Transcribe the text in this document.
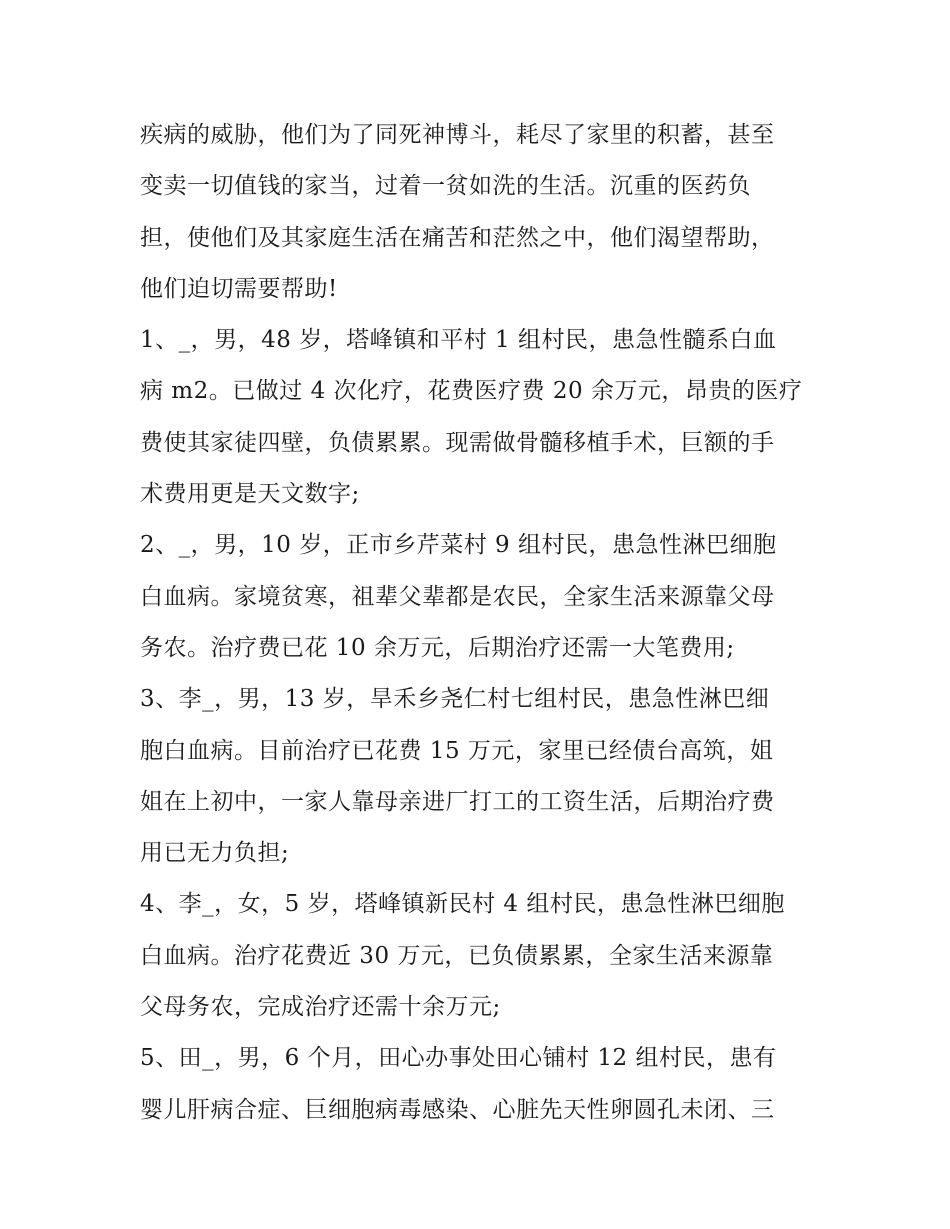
疾病的威胁，他们为了同死神博斗，耗尽了家里的积蓄，甚至
变卖一切值钱的家当，过着一贫如洗的生活。沉重的医药负
担，使他们及其家庭生活在痛苦和茫然之中，他们渴望帮助，
他们迫切需要帮助!
1、_，男，48 岁，塔峰镇和平村 1 组村民，患急性髓系白血
病 m2。已做过 4 次化疗，花费医疗费 20 余万元，昂贵的医疗
费使其家徒四壁，负债累累。现需做骨髓移植手术，巨额的手
术费用更是天文数字;
2、_，男，10 岁，正市乡芹菜村 9 组村民，患急性淋巴细胞
白血病。家境贫寒，祖辈父辈都是农民，全家生活来源靠父母
务农。治疗费已花 10 余万元，后期治疗还需一大笔费用;
3、李_，男，13 岁，旱禾乡尧仁村七组村民，患急性淋巴细
胞白血病。目前治疗已花费 15 万元，家里已经债台高筑，姐
姐在上初中，一家人靠母亲进厂打工的工资生活，后期治疗费
用已无力负担;
4、李_，女，5 岁，塔峰镇新民村 4 组村民，患急性淋巴细胞
白血病。治疗花费近 30 万元，已负债累累，全家生活来源靠
父母务农，完成治疗还需十余万元;
5、田_，男，6 个月，田心办事处田心铺村 12 组村民，患有
婴儿肝病合症、巨细胞病毒感染、心脏先天性卵圆孔未闭、三
